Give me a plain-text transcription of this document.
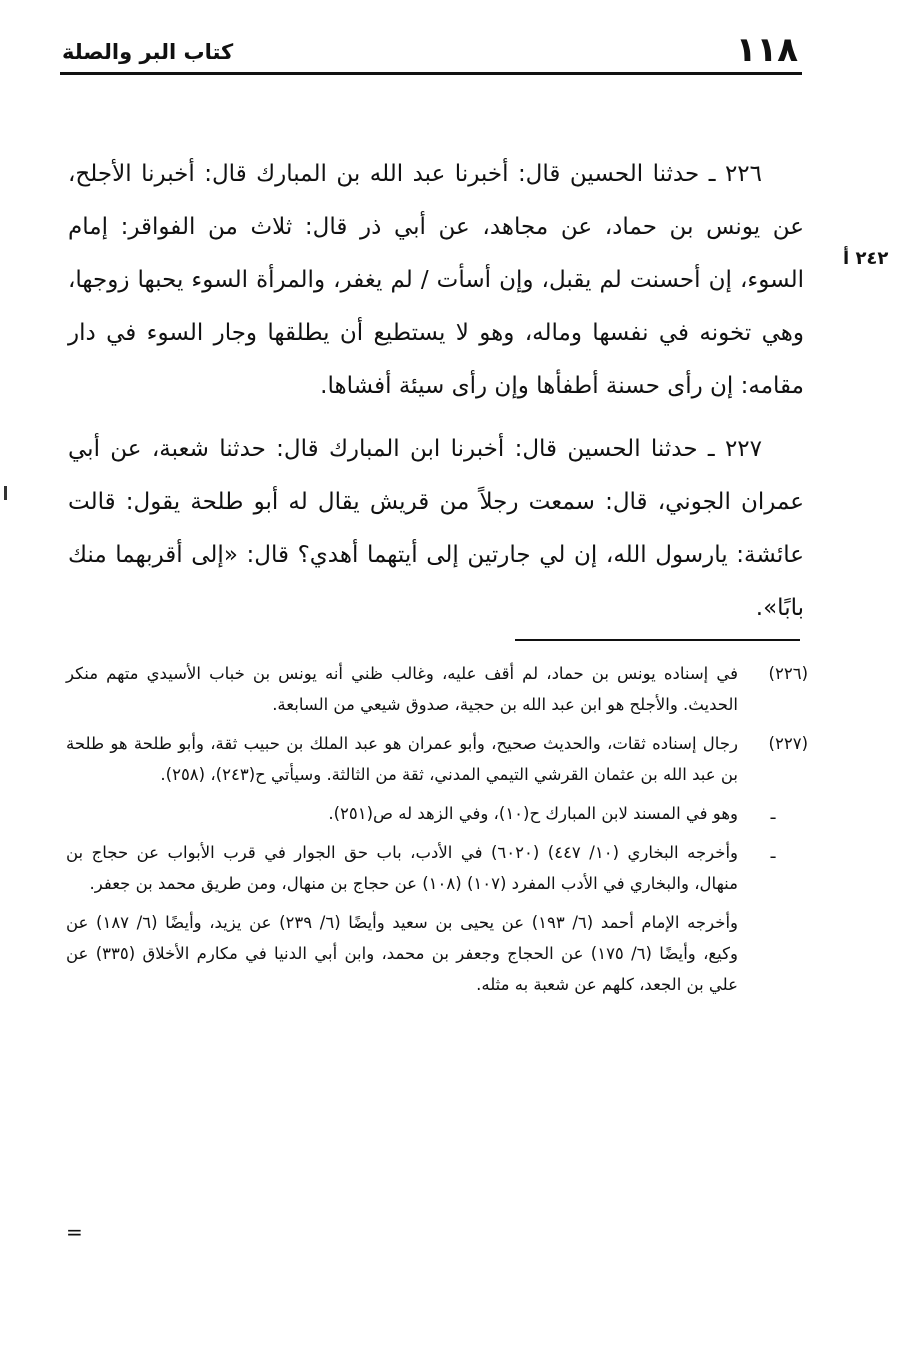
١١٨
كتاب البر والصلة
٢٤٢ أ

٢٢٦ ـ حدثنا الحسين قال: أخبرنا عبد الله بن المبارك قال: أخبرنا الأجلح، عن يونس بن حماد، عن مجاهد، عن أبي ذر قال: ثلاث من الفواقر: إمام السوء، إن أحسنت لم يقبل، وإن أسأت / لم يغفر، والمرأة السوء يحبها زوجها، وهي تخونه في نفسها وماله، وهو لا يستطيع أن يطلقها وجار السوء في دار مقامه: إن رأى حسنة أطفأها وإن رأى سيئة أفشاها.

٢٢٧ ـ حدثنا الحسين قال: أخبرنا ابن المبارك قال: حدثنا شعبة، عن أبي عمران الجوني، قال: سمعت رجلاً من قريش يقال له أبو طلحة يقول: قالت عائشة: يارسول الله، إن لي جارتين إلى أيتهما أهدي؟ قال: «إلى أقربهما منك بابًا».

(٢٢٦)
في إسناده يونس بن حماد، لم أقف عليه، وغالب ظني أنه يونس بن خباب الأسيدي متهم منكر الحديث. والأجلح هو ابن عبد الله بن حجية، صدوق شيعي من السابعة.
(٢٢٧)
رجال إسناده ثقات، والحديث صحيح، وأبو عمران هو عبد الملك بن حبيب ثقة، وأبو طلحة هو طلحة بن عبد الله بن عثمان القرشي التيمي المدني، ثقة من الثالثة. وسيأتي ح(٢٤٣)، (٢٥٨).
ـ
وهو في المسند لابن المبارك ح(١٠)، وفي الزهد له ص(٢٥١).
ـ
وأخرجه البخاري (١٠/ ٤٤٧) (٦٠٢٠) في الأدب، باب حق الجوار في قرب الأبواب عن حجاج بن منهال، والبخاري في الأدب المفرد (١٠٧) (١٠٨) عن حجاج بن منهال، ومن طريق محمد بن جعفر.
وأخرجه الإمام أحمد (٦/ ١٩٣) عن يحيى بن سعيد وأيضًا (٦/ ٢٣٩) عن يزيد، وأيضًا (٦/ ١٨٧) عن وكيع، وأيضًا (٦/ ١٧٥) عن الحجاج وجعفر بن محمد، وابن أبي الدنيا في مكارم الأخلاق (٣٣٥) عن علي بن الجعد، كلهم عن شعبة به مثله.
=
